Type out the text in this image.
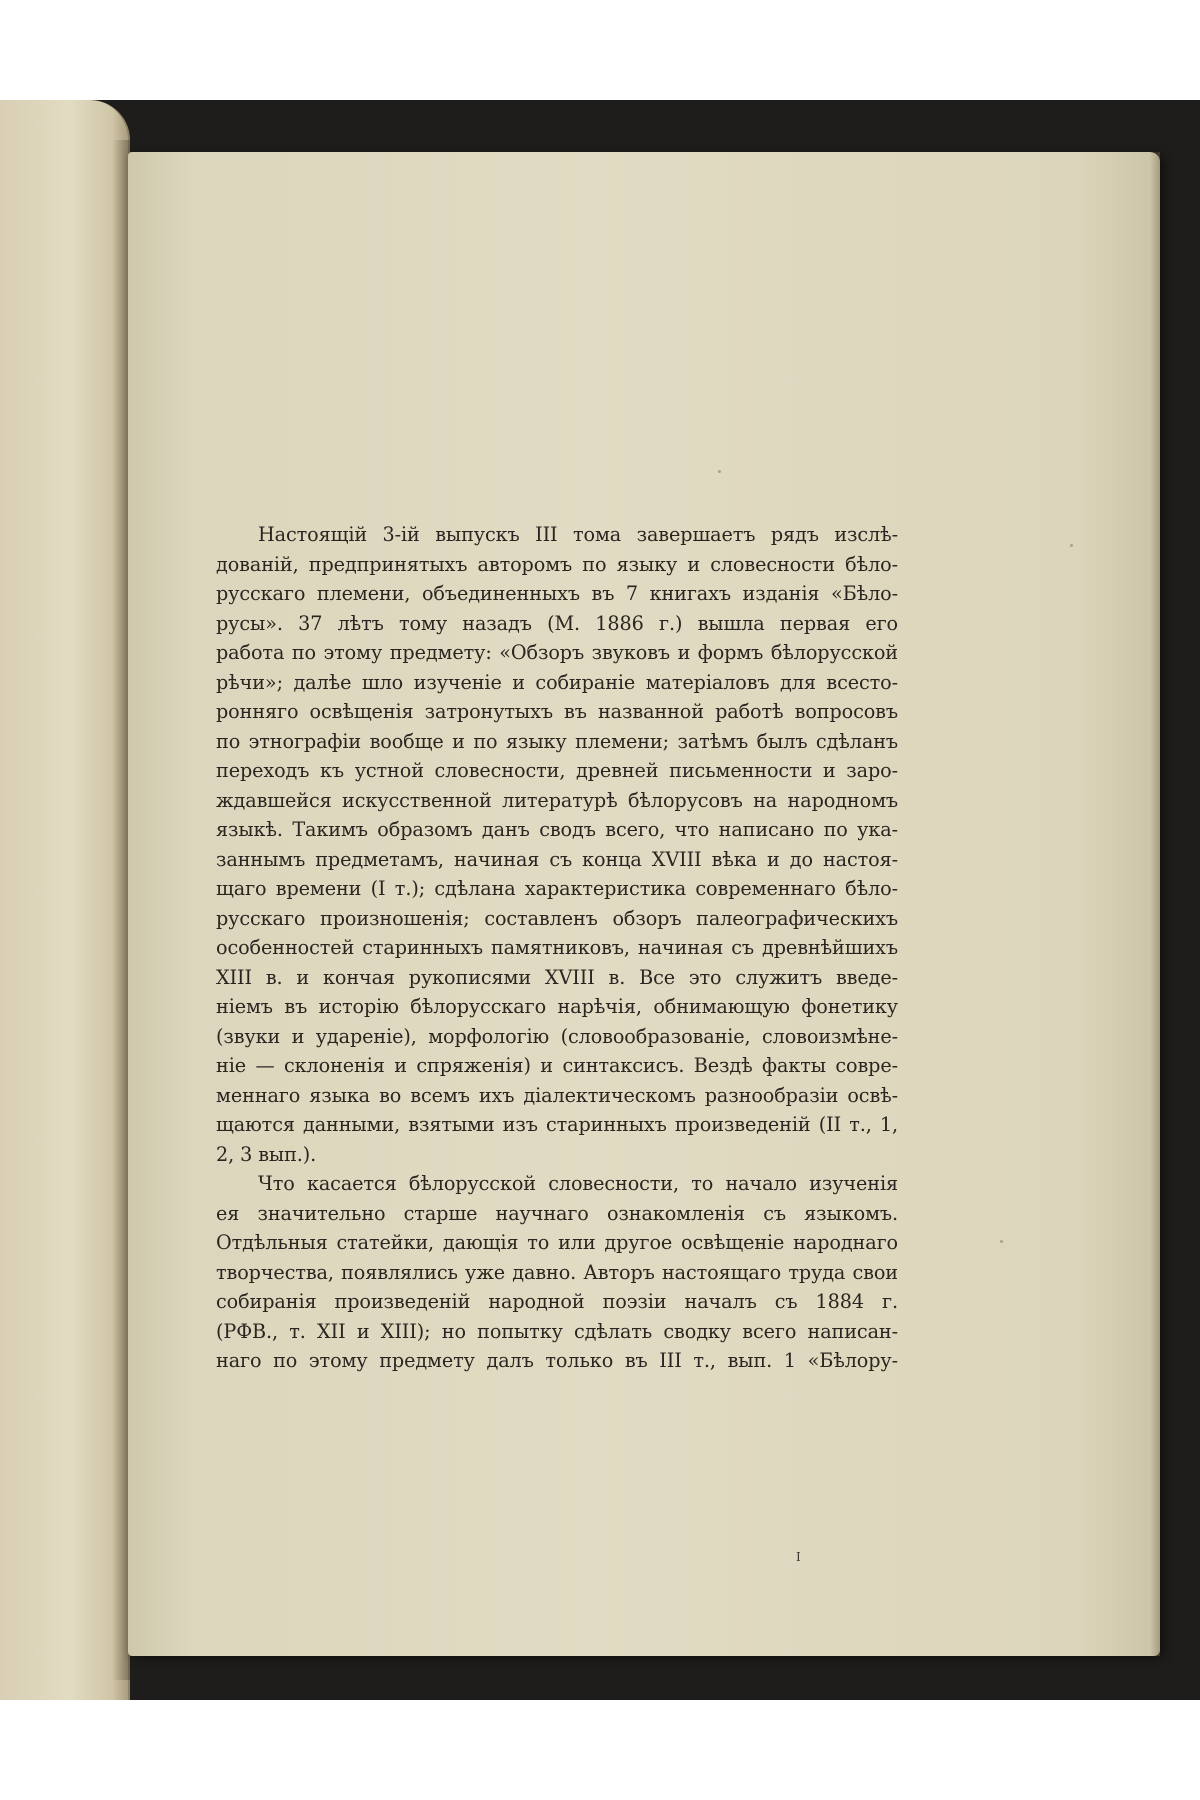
Настоящій 3-ій выпускъ III тома завершаетъ рядъ изслѣ-
дованій, предпринятыхъ авторомъ по языку и словесности бѣло-
русскаго племени, объединенныхъ въ 7 книгахъ изданія «Бѣло-
русы». 37 лѣтъ тому назадъ (М. 1886 г.) вышла первая его
работа по этому предмету: «Обзоръ звуковъ и формъ бѣлорусской
рѣчи»; далѣе шло изученіе и собираніе матеріаловъ для всесто-
ронняго освѣщенія затронутыхъ въ названной работѣ вопросовъ
по этнографіи вообще и по языку племени; затѣмъ былъ сдѣланъ
переходъ къ устной словесности, древней письменности и заро-
ждавшейся искусственной литературѣ бѣлорусовъ на народномъ
языкѣ. Такимъ образомъ данъ сводъ всего, что написано по ука-
заннымъ предметамъ, начиная съ конца XVIII вѣка и до настоя-
щаго времени (I т.); сдѣлана характеристика современнаго бѣло-
русскаго произношенія; составленъ обзоръ палеографическихъ
особенностей старинныхъ памятниковъ, начиная съ древнѣйшихъ
XIII в. и кончая рукописями XVIII в. Все это служитъ введе-
ніемъ въ исторію бѣлорусскаго нарѣчія, обнимающую фонетику
(звуки и удареніе), морфологію (словообразованіе, словоизмѣне-
ніе — склоненія и спряженія) и синтаксисъ. Вездѣ факты совре-
меннаго языка во всемъ ихъ діалектическомъ разнообразіи освѣ-
щаются данными, взятыми изъ старинныхъ произведеній (II т., 1,
2, 3 вып.).
Что касается бѣлорусской словесности, то начало изученія
ея значительно старше научнаго ознакомленія съ языкомъ.
Отдѣльныя статейки, дающія то или другое освѣщеніе народнаго
творчества, появлялись уже давно. Авторъ настоящаго труда свои
собиранія произведеній народной поэзіи началъ съ 1884 г.
(РФВ., т. XII и XIII); но попытку сдѣлать сводку всего написан-
наго по этому предмету далъ только въ III т., вып. 1 «Бѣлору-
I
